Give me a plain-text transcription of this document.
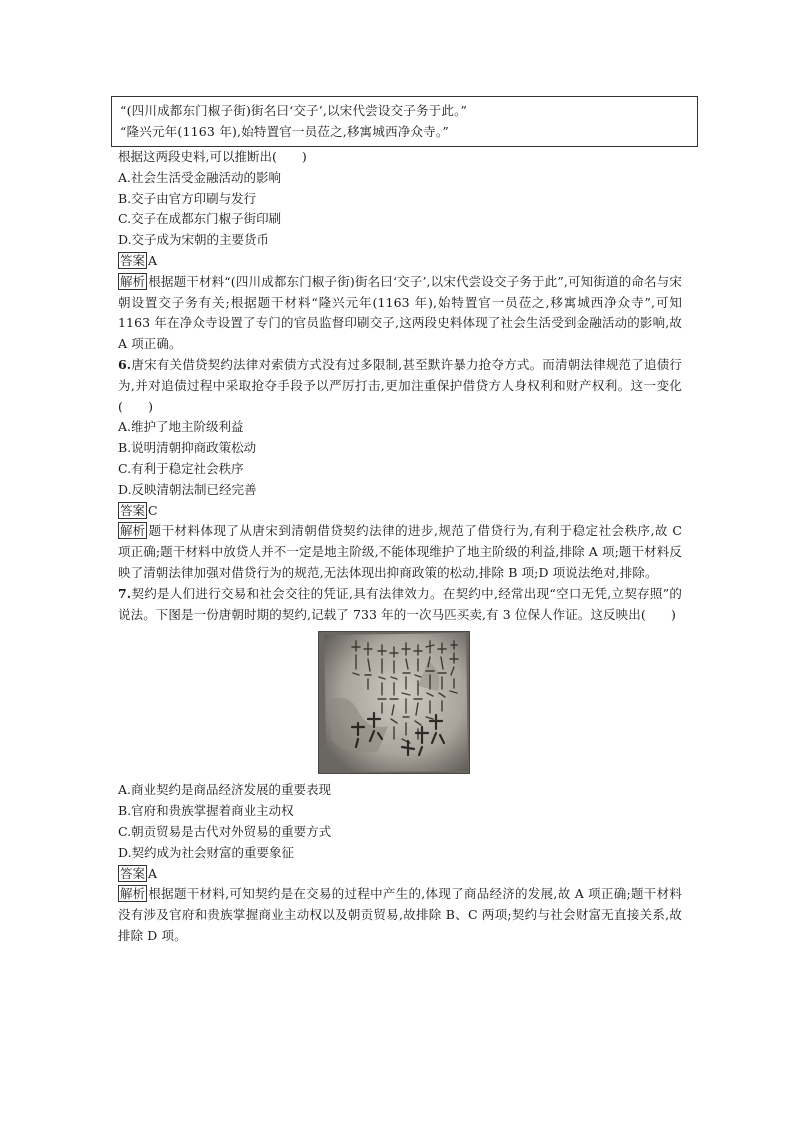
“(四川成都东门椒子街)街名曰‘交子’,以宋代尝设交子务于此。”
“隆兴元年(1163 年),始特置官一员莅之,移寓城西净众寺。”
根据这两段史料,可以推断出(　　)
A.社会生活受金融活动的影响
B.交子由官方印刷与发行
C.交子在成都东门椒子街印刷
D.交子成为宋朝的主要货币
答案 A
解析 根据题干材料“(四川成都东门椒子街)街名曰‘交子’,以宋代尝设交子务于此”,可知街道的命名与宋朝设置交子务有关;根据题干材料“隆兴元年(1163 年),始特置官一员莅之,移寓城西净众寺”,可知 1163 年在净众寺设置了专门的官员监督印刷交子,这两段史料体现了社会生活受到金融活动的影响,故 A 项正确。
6.唐宋有关借贷契约法律对索债方式没有过多限制,甚至默许暴力抢夺方式。而清朝法律规范了追债行为,并对追债过程中采取抢夺手段予以严厉打击,更加注重保护借贷方人身权利和财产权利。这一变化(　　)
A.维护了地主阶级利益
B.说明清朝抑商政策松动
C.有利于稳定社会秩序
D.反映清朝法制已经完善
答案 C
解析 题干材料体现了从唐宋到清朝借贷契约法律的进步,规范了借贷行为,有利于稳定社会秩序,故 C 项正确;题干材料中放贷人并不一定是地主阶级,不能体现维护了地主阶级的利益,排除 A 项;题干材料反映了清朝法律加强对借贷行为的规范,无法体现出抑商政策的松动,排除 B 项;D 项说法绝对,排除。
7.契约是人们进行交易和社会交往的凭证,具有法律效力。在契约中,经常出现“空口无凭,立契存照”的说法。下图是一份唐朝时期的契约,记载了 733 年的一次马匹买卖,有 3 位保人作证。这反映出(　　)
A.商业契约是商品经济发展的重要表现
B.官府和贵族掌握着商业主动权
C.朝贡贸易是古代对外贸易的重要方式
D.契约成为社会财富的重要象征
答案 A
解析 根据题干材料,可知契约是在交易的过程中产生的,体现了商品经济的发展,故 A 项正确;题干材料没有涉及官府和贵族掌握商业主动权以及朝贡贸易,故排除 B、C 两项;契约与社会财富无直接关系,故排除 D 项。
